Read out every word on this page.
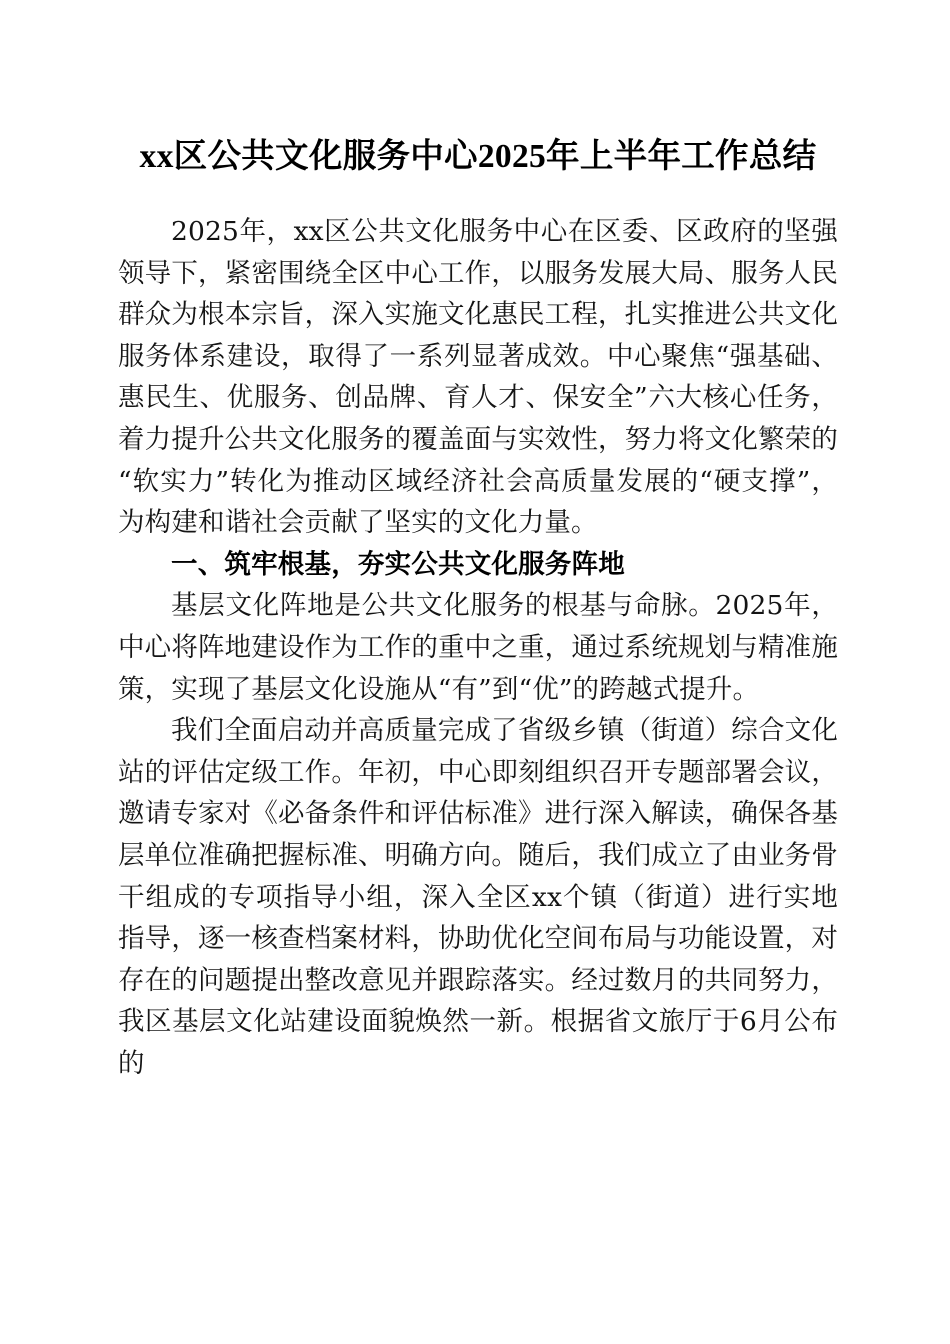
xx区公共文化服务中心2025年上半年工作总结

2025年，xx区公共文化服务中心在区委、区政府的坚强领导下，紧密围绕全区中心工作，以服务发展大局、服务人民群众为根本宗旨，深入实施文化惠民工程，扎实推进公共文化服务体系建设，取得了一系列显著成效。中心聚焦“强基础、惠民生、优服务、创品牌、育人才、保安全”六大核心任务，着力提升公共文化服务的覆盖面与实效性，努力将文化繁荣的“软实力”转化为推动区域经济社会高质量发展的“硬支撑”，为构建和谐社会贡献了坚实的文化力量。

一、筑牢根基，夯实公共文化服务阵地

基层文化阵地是公共文化服务的根基与命脉。2025年，中心将阵地建设作为工作的重中之重，通过系统规划与精准施策，实现了基层文化设施从“有”到“优”的跨越式提升。

我们全面启动并高质量完成了省级乡镇（街道）综合文化站的评估定级工作。年初，中心即刻组织召开专题部署会议，邀请专家对《必备条件和评估标准》进行深入解读，确保各基层单位准确把握标准、明确方向。随后，我们成立了由业务骨干组成的专项指导小组，深入全区xx个镇（街道）进行实地指导，逐一核查档案材料，协助优化空间布局与功能设置，对存在的问题提出整改意见并跟踪落实。经过数月的共同努力，我区基层文化站建设面貌焕然一新。根据省文旅厅于6月公布的
